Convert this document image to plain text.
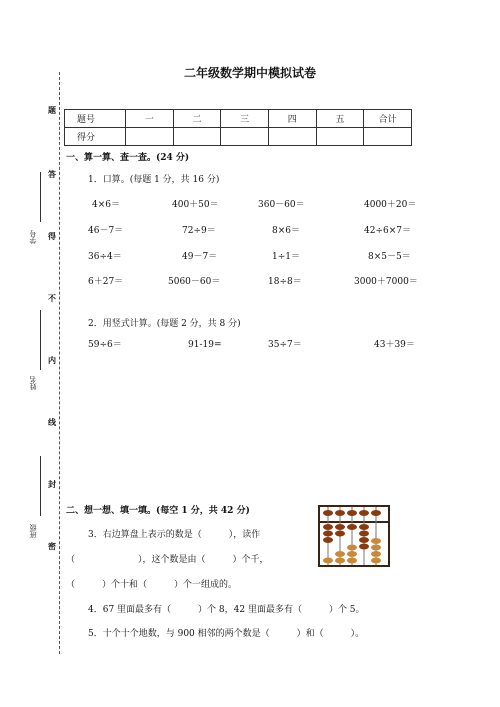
二年级数学期中模拟试卷
题
答
得
不
内
线
封
密
学号
姓名
班级
题号	一	二	三	四	五	合计
得分						
一、算一算、查一查。(24 分)
1．口算。(每题 1 分，共 16 分)
4×6＝	400＋50＝	360－60＝	4000＋20＝
46－7＝	72÷9＝	8×6＝	42÷6×7＝
36÷4＝	49－7＝	1÷1＝	8×5－5＝
6＋27＝	5060－60＝	18÷8＝	3000＋7000＝
2．用竖式计算。(每题 2 分，共 8 分)
59÷6＝	91-19=	35÷7＝	43＋39＝
二、想一想、填一填。(每空 1 分，共 42 分)
3．右边算盘上表示的数是（　　　），读作
（　　　　　　　），这个数是由（　　　）个千，
（　　　）个十和（　　　）个一组成的。
4．67 里面最多有（　　　）个 8，42 里面最多有（　　　）个 5。
5．十个十个地数，与 900 相邻的两个数是（　　　）和（　　　）。
